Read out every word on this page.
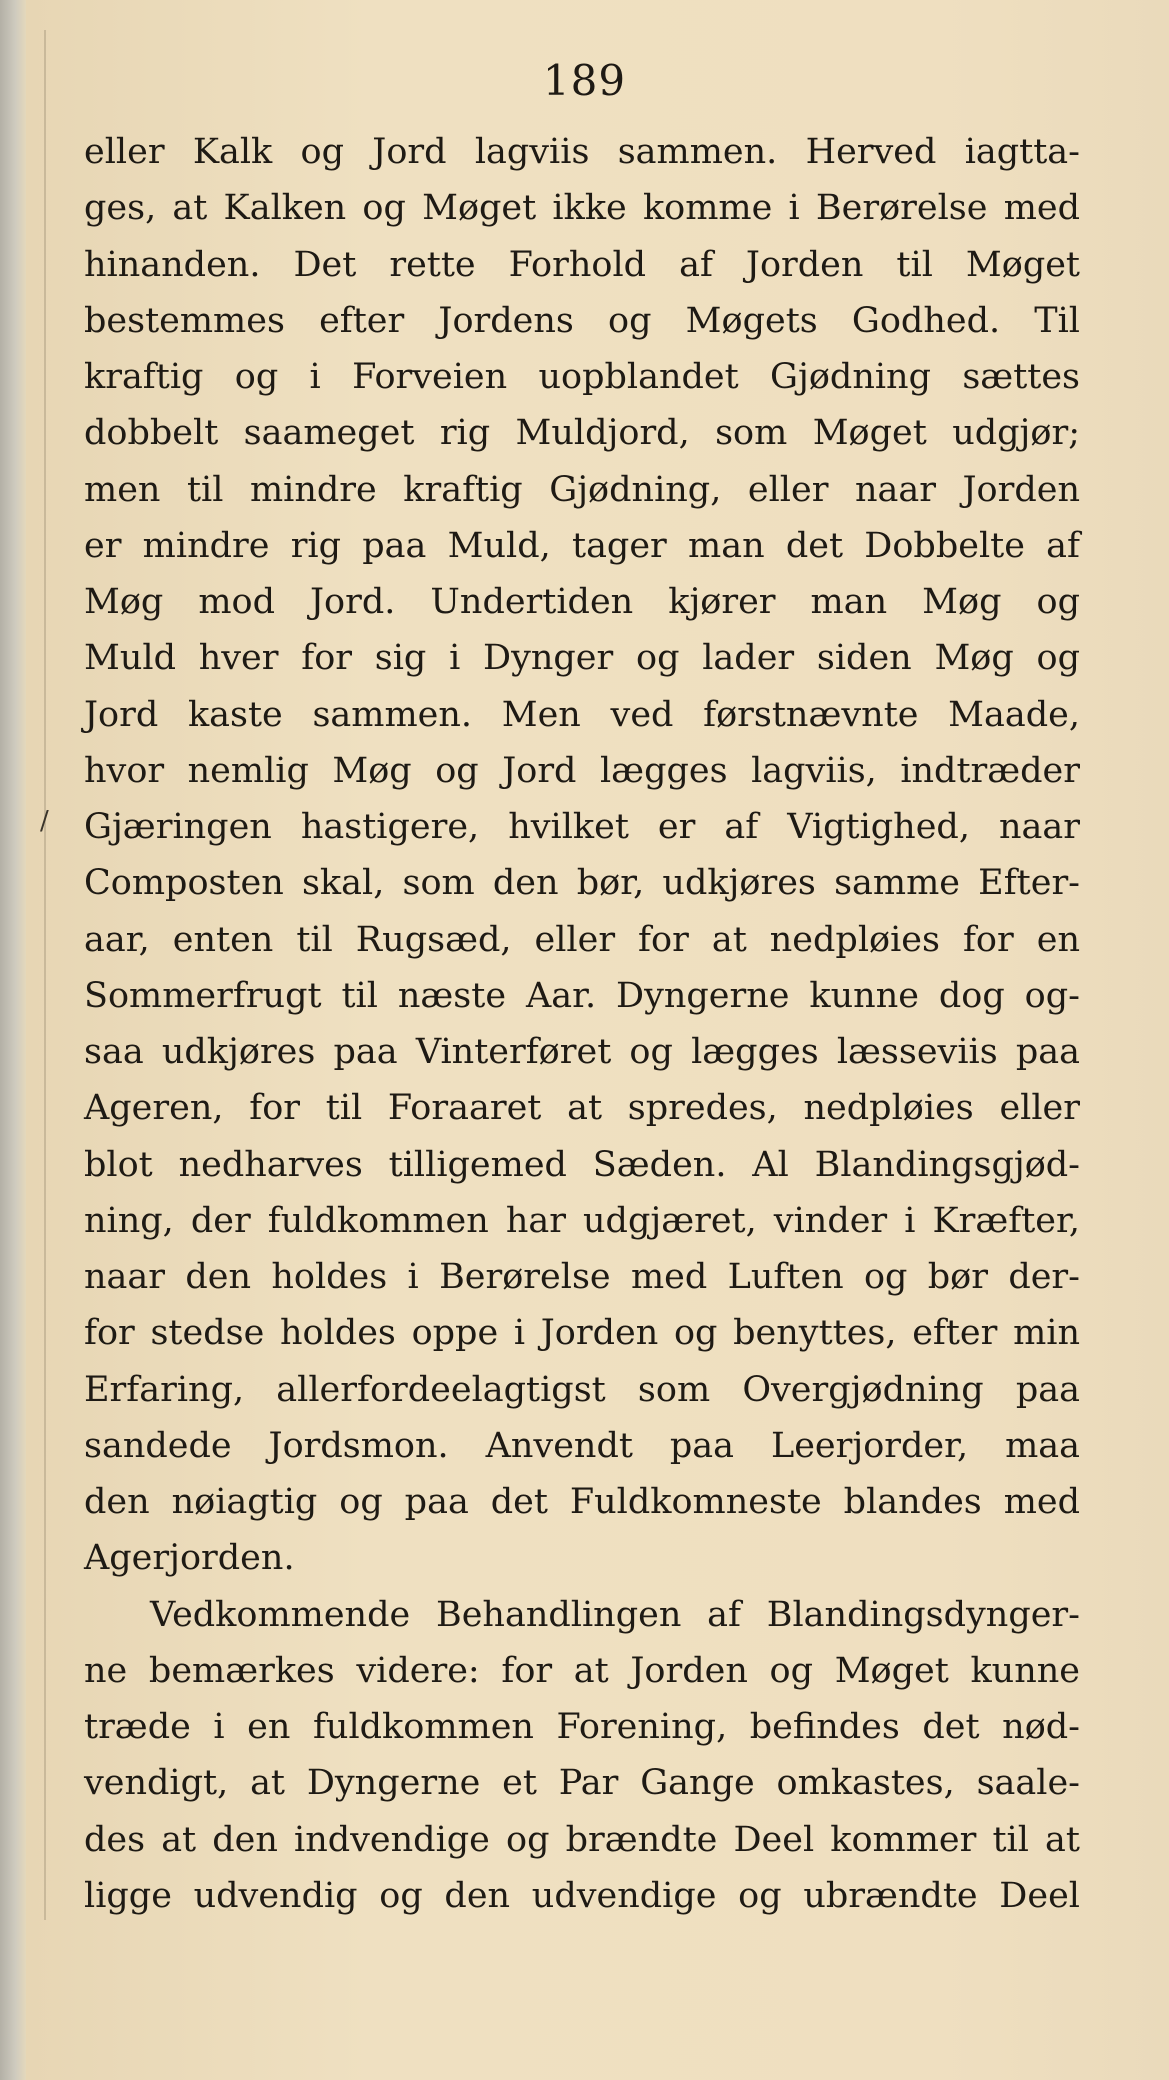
189
/
eller Kalk og Jord lagviis sammen. Herved iagtta-
ges, at Kalken og Møget ikke komme i Berørelse med
hinanden. Det rette Forhold af Jorden til Møget
bestemmes efter Jordens og Møgets Godhed. Til
kraftig og i Forveien uopblandet Gjødning sættes
dobbelt saameget rig Muldjord, som Møget udgjør;
men til mindre kraftig Gjødning, eller naar Jorden
er mindre rig paa Muld, tager man det Dobbelte af
Møg mod Jord. Undertiden kjører man Møg og
Muld hver for sig i Dynger og lader siden Møg og
Jord kaste sammen. Men ved førstnævnte Maade,
hvor nemlig Møg og Jord lægges lagviis, indtræder
Gjæringen hastigere, hvilket er af Vigtighed, naar
Composten skal, som den bør, udkjøres samme Efter-
aar, enten til Rugsæd, eller for at nedpløies for en
Sommerfrugt til næste Aar. Dyngerne kunne dog og-
saa udkjøres paa Vinterføret og lægges læsseviis paa
Ageren, for til Foraaret at spredes, nedpløies eller
blot nedharves tilligemed Sæden. Al Blandingsgjød-
ning, der fuldkommen har udgjæret, vinder i Kræfter,
naar den holdes i Berørelse med Luften og bør der-
for stedse holdes oppe i Jorden og benyttes, efter min
Erfaring, allerfordeelagtigst som Overgjødning paa
sandede Jordsmon. Anvendt paa Leerjorder, maa
den nøiagtig og paa det Fuldkomneste blandes med
Agerjorden.
Vedkommende Behandlingen af Blandingsdynger-
ne bemærkes videre: for at Jorden og Møget kunne
træde i en fuldkommen Forening, befindes det nød-
vendigt, at Dyngerne et Par Gange omkastes, saale-
des at den indvendige og brændte Deel kommer til at
ligge udvendig og den udvendige og ubrændte Deel
